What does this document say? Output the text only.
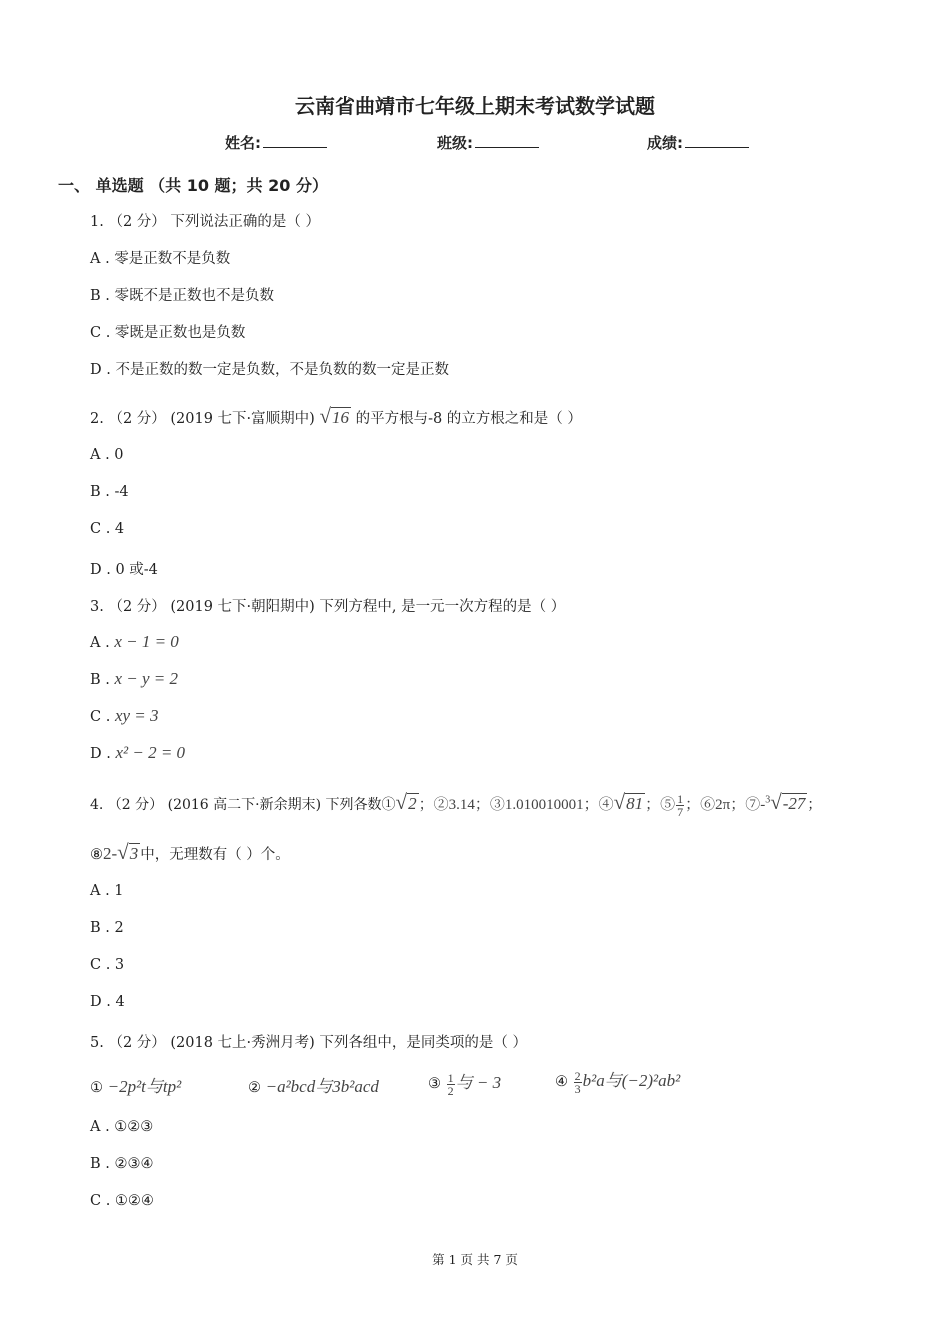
云南省曲靖市七年级上期末考试数学试题
姓名:	班级:	成绩:
一、 单选题 （共 10 题；共 20 分）
1. （2 分） 下列说法正确的是（ ）
A . 零是正数不是负数
B . 零既不是正数也不是负数
C . 零既是正数也是负数
D . 不是正数的数一定是负数，不是负数的数一定是正数
2. （2 分） (2019 七下·富顺期中) √16 的平方根与-8 的立方根之和是（ ）
A . 0
B . -4
C . 4
D . 0 或-4
3. （2 分） (2019 七下·朝阳期中) 下列方程中, 是一元一次方程的是（ ）
A . x − 1 = 0
B . x − y = 2
C . xy = 3
D . x² − 2 = 0
4. （2 分） (2016 高二下·新余期末) 下列各数①√2 ；②3.14；③1.010010001；④√81 ；⑤ $\frac{1}{7}$ ；⑥2π；⑦-$^3$√-27 ；
⑧2-√3 中，无理数有（ ）个。
A . 1
B . 2
C . 3
D . 4
5. （2 分） (2018 七上·秀洲月考) 下列各组中，是同类项的是（ ）
① −2p²t与tp²	② −a²bcd与3b²acd	③ $\frac{1}{2}$ 与 − 3	④ $\frac{2}{3} b^2a$与(−2)²ab²
A . ①②③
B . ②③④
C . ①②④
第 1 页 共 7 页
